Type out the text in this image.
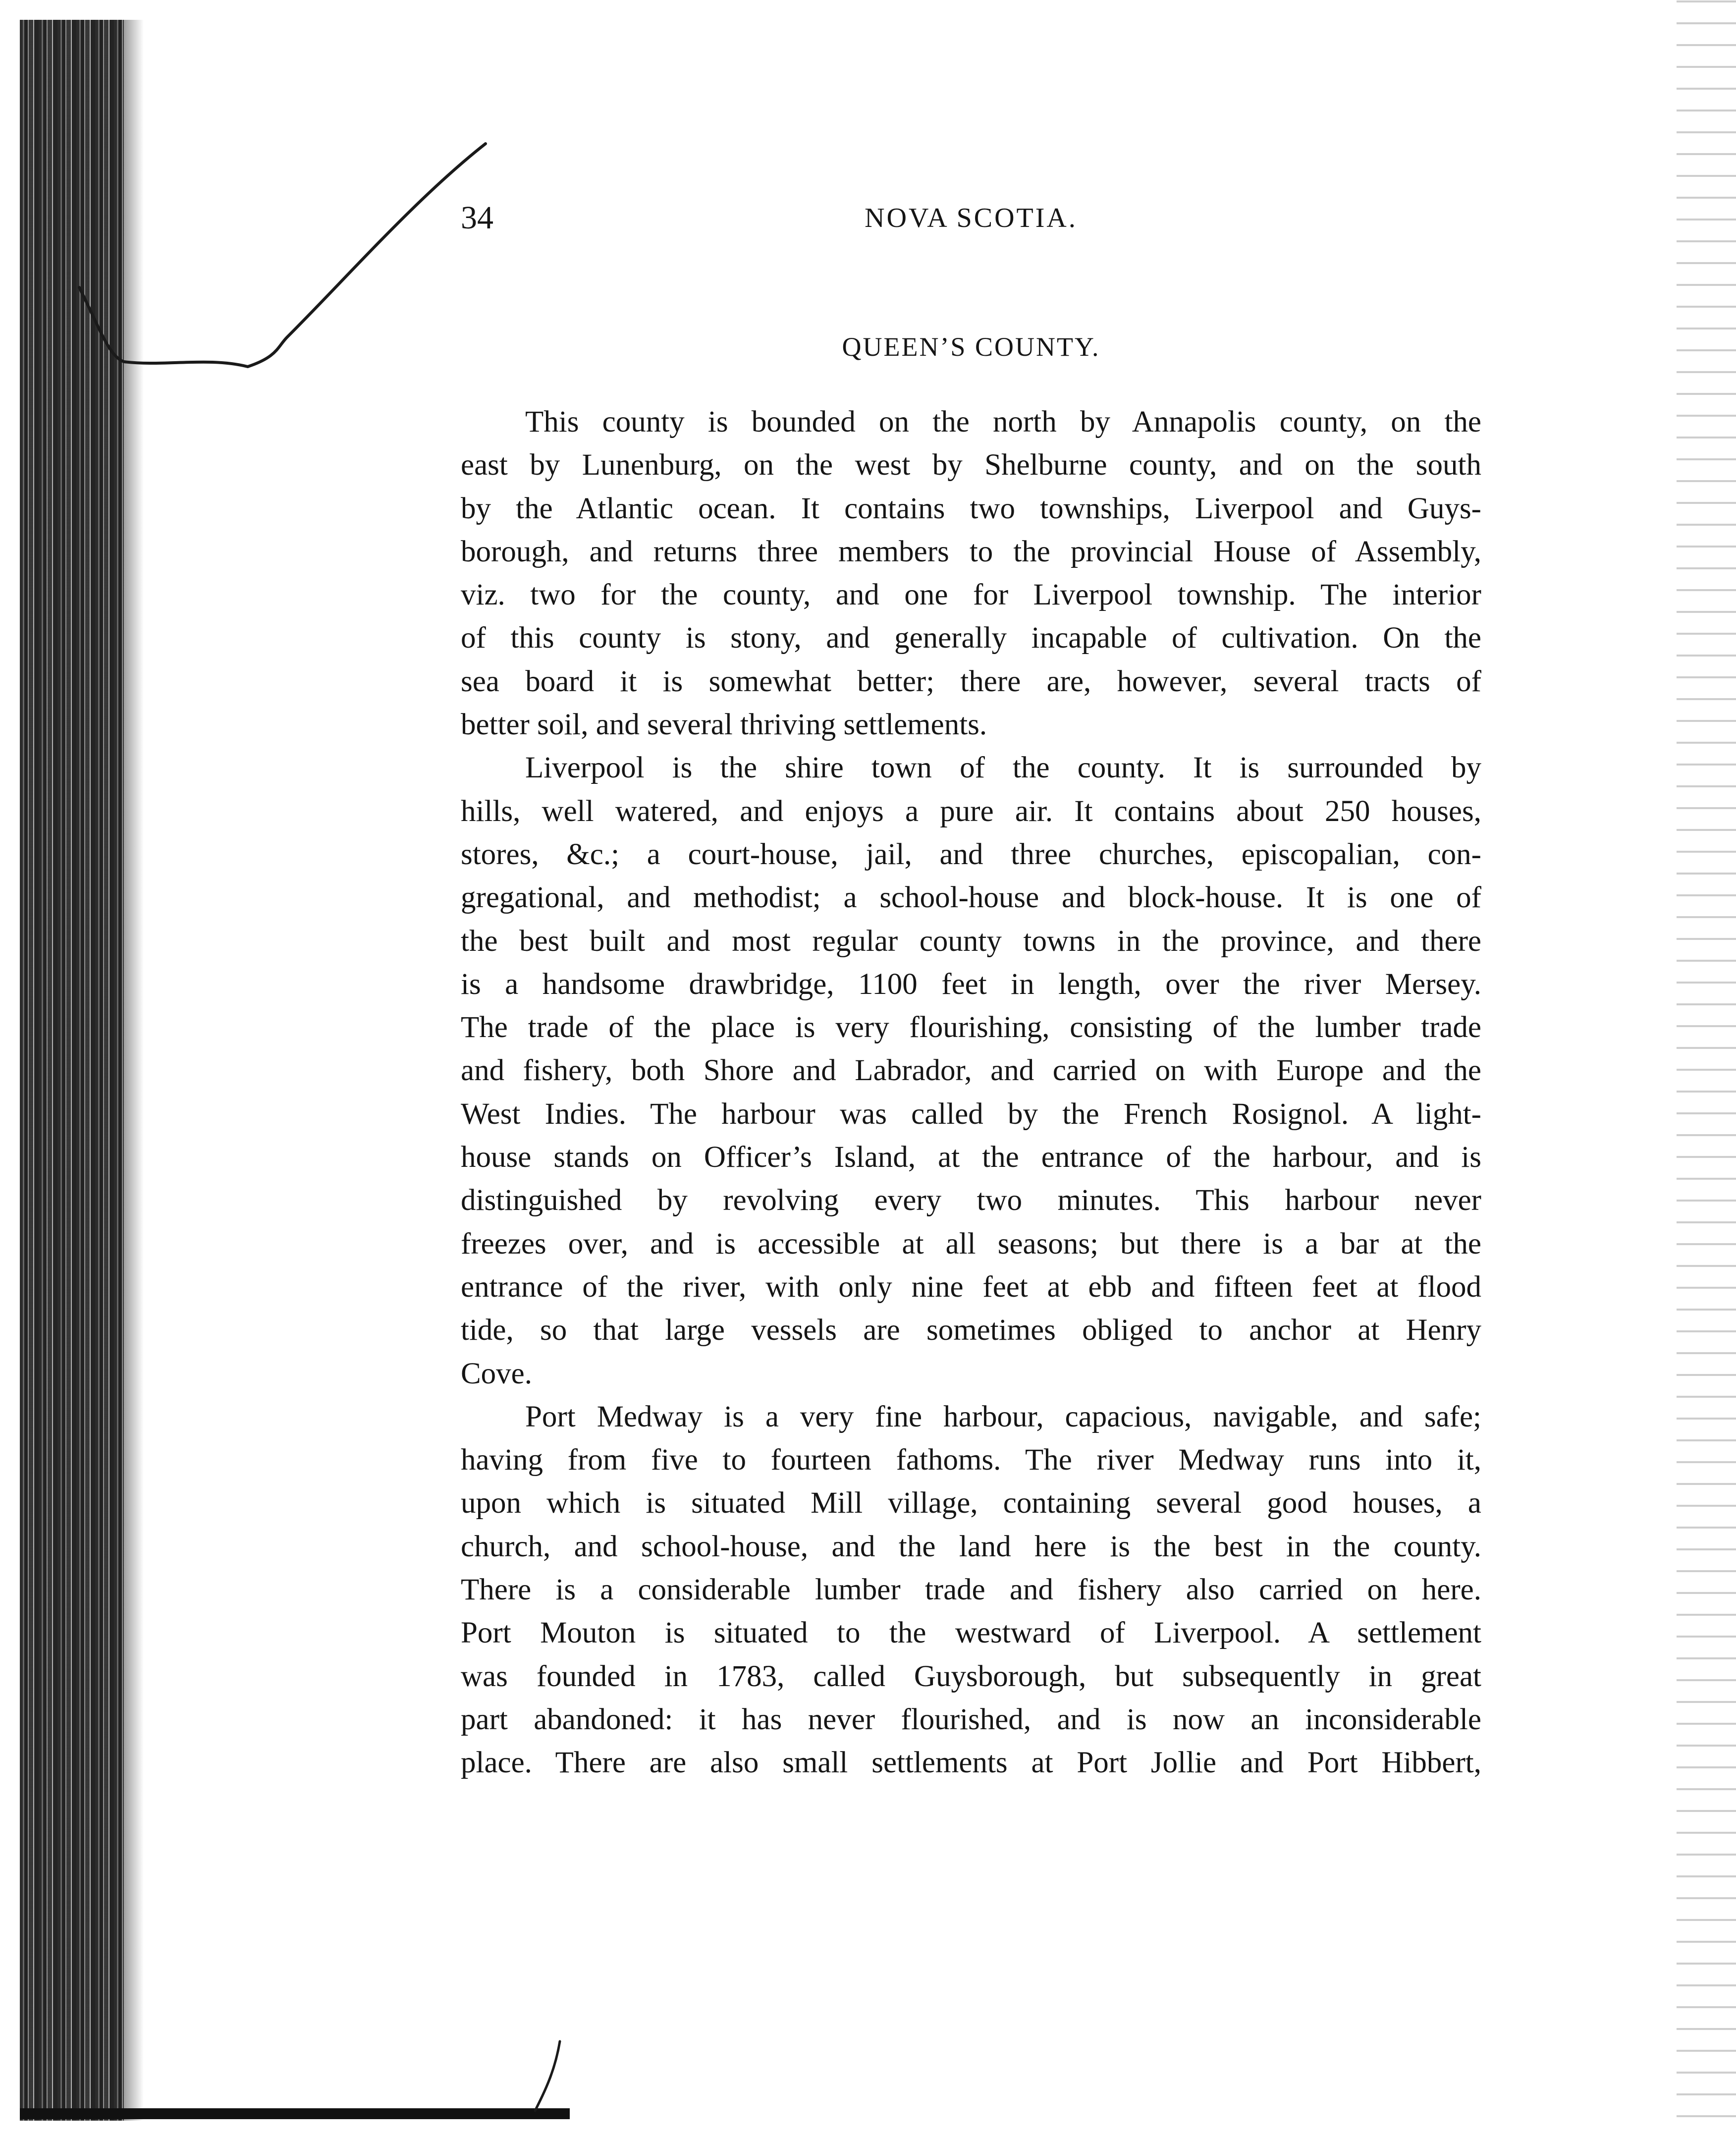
34	NOVA SCOTIA.
QUEEN’S COUNTY.

This county is bounded on the north by Annapolis county, on the
east by Lunenburg, on the west by Shelburne county, and on the south
by the Atlantic ocean. It contains two townships, Liverpool and Guys-
borough, and returns three members to the provincial House of Assembly,
viz. two for the county, and one for Liverpool township. The interior
of this county is stony, and generally incapable of cultivation. On the
sea board it is somewhat better; there are, however, several tracts of
better soil, and several thriving settlements.

Liverpool is the shire town of the county. It is surrounded by
hills, well watered, and enjoys a pure air. It contains about 250 houses,
stores, &c.; a court-house, jail, and three churches, episcopalian, con-
gregational, and methodist; a school-house and block-house. It is one of
the best built and most regular county towns in the province, and there
is a handsome drawbridge, 1100 feet in length, over the river Mersey.
The trade of the place is very flourishing, consisting of the lumber trade
and fishery, both Shore and Labrador, and carried on with Europe and the
West Indies. The harbour was called by the French Rosignol. A light-
house stands on Officer’s Island, at the entrance of the harbour, and is
distinguished by revolving every two minutes. This harbour never
freezes over, and is accessible at all seasons; but there is a bar at the
entrance of the river, with only nine feet at ebb and fifteen feet at flood
tide, so that large vessels are sometimes obliged to anchor at Henry
Cove.

Port Medway is a very fine harbour, capacious, navigable, and safe;
having from five to fourteen fathoms. The river Medway runs into it,
upon which is situated Mill village, containing several good houses, a
church, and school-house, and the land here is the best in the county.
There is a considerable lumber trade and fishery also carried on here.
Port Mouton is situated to the westward of Liverpool. A settlement
was founded in 1783, called Guysborough, but subsequently in great
part abandoned: it has never flourished, and is now an inconsiderable
place. There are also small settlements at Port Jollie and Port Hibbert,
